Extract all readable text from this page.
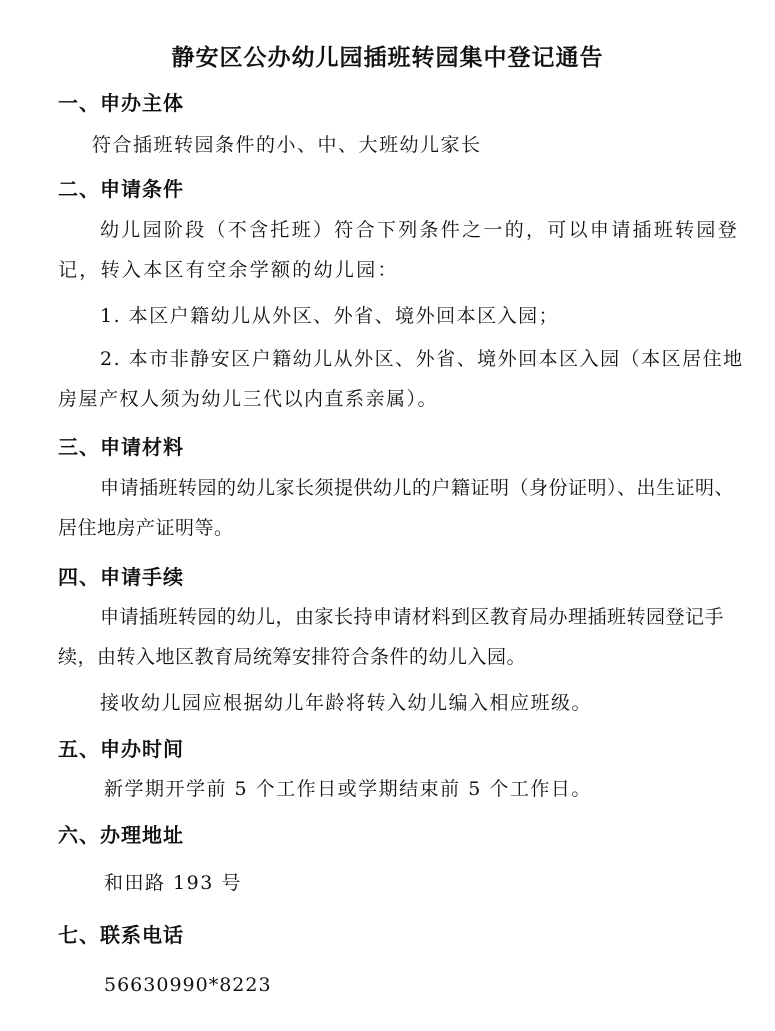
静安区公办幼儿园插班转园集中登记通告
一、申办主体

符合插班转园条件的小、中、大班幼儿家长

二、申请条件

幼儿园阶段（不含托班）符合下列条件之一的，可以申请插班转园登记，转入本区有空余学额的幼儿园：

1. 本区户籍幼儿从外区、外省、境外回本区入园；

2. 本市非静安区户籍幼儿从外区、外省、境外回本区入园（本区居住地房屋产权人须为幼儿三代以内直系亲属）。

三、申请材料

申请插班转园的幼儿家长须提供幼儿的户籍证明（身份证明）、出生证明、居住地房产证明等。

四、申请手续

申请插班转园的幼儿，由家长持申请材料到区教育局办理插班转园登记手续，由转入地区教育局统筹安排符合条件的幼儿入园。

接收幼儿园应根据幼儿年龄将转入幼儿编入相应班级。

五、申办时间

新学期开学前 5 个工作日或学期结束前 5 个工作日。

六、办理地址

和田路 193 号

七、联系电话

56630990*8223
